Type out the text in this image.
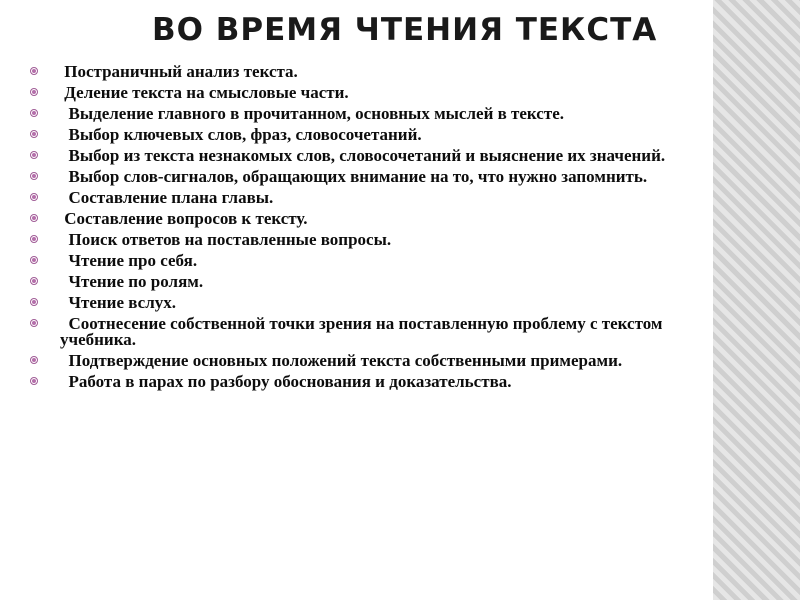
ВО ВРЕМЯ ЧТЕНИЯ ТЕКСТА
Постраничный анализ текста.
Деление текста на смысловые части.
Выделение главного в прочитанном, основных мыслей в тексте.
Выбор ключевых слов, фраз, словосочетаний.
Выбор из текста незнакомых слов, словосочетаний и выяснение их значений.
Выбор слов-сигналов, обращающих внимание на то, что нужно запомнить.
Составление плана главы.
Составление вопросов к тексту.
Поиск ответов на поставленные вопросы.
Чтение про себя.
Чтение по ролям.
Чтение вслух.
Соотнесение собственной точки зрения на поставленную проблему с текстом учебника.
Подтверждение основных положений текста собственными примерами.
Работа в парах по разбору обоснования и доказательства.
